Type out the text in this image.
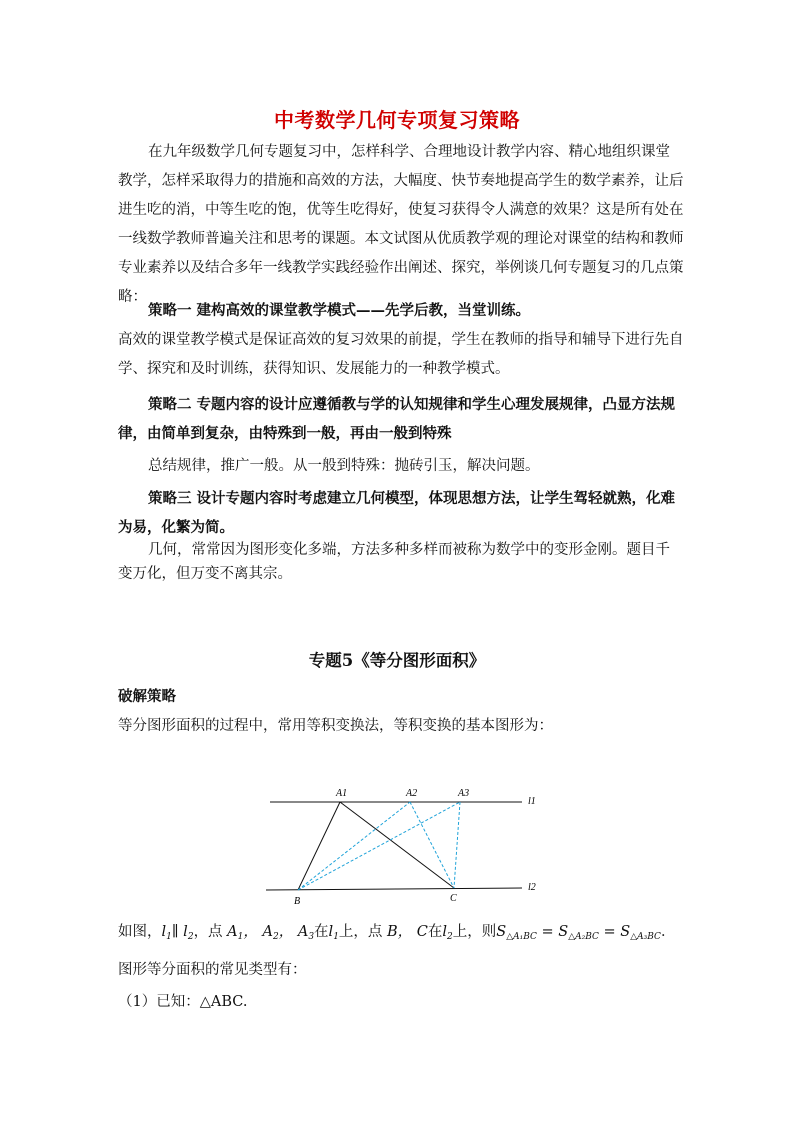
中考数学几何专项复习策略

在九年级数学几何专题复习中，怎样科学、合理地设计教学内容、精心地组织课堂教学，怎样采取得力的措施和高效的方法，大幅度、快节奏地提高学生的数学素养，让后进生吃的消，中等生吃的饱，优等生吃得好，使复习获得令人满意的效果？这是所有处在一线数学教师普遍关注和思考的课题。本文试图从优质教学观的理论对课堂的结构和教师专业素养以及结合多年一线教学实践经验作出阐述、探究，举例谈几何专题复习的几点策略：

策略一 建构高效的课堂教学模式——先学后教，当堂训练。

高效的课堂教学模式是保证高效的复习效果的前提，学生在教师的指导和辅导下进行先自学、探究和及时训练，获得知识、发展能力的一种教学模式。

策略二 专题内容的设计应遵循教与学的认知规律和学生心理发展规律，凸显方法规律，由简单到复杂，由特殊到一般，再由一般到特殊

总结规律，推广一般。从一般到特殊：抛砖引玉，解决问题。

策略三 设计专题内容时考虑建立几何模型，体现思想方法，让学生驾轻就熟，化难为易，化繁为简。

几何，常常因为图形变化多端，方法多种多样而被称为数学中的变形金刚。题目千变万化，但万变不离其宗。

专题5《等分图形面积》

破解策略

等分图形面积的过程中，常用等积变换法，等积变换的基本图形为：

A1	A2	A3
B	C
l1
l2
如图，$l_1\parallel$ $l_2$，点 $A_1$， $A_2$， $A_3$在$l_1$上，点 B， C在$l_2$上，则$S_{\triangle A_1BC} = S_{\triangle A_2BC} = S_{\triangle A_3BC}$．

图形等分面积的常见类型有：

（1）已知：△ABC.
